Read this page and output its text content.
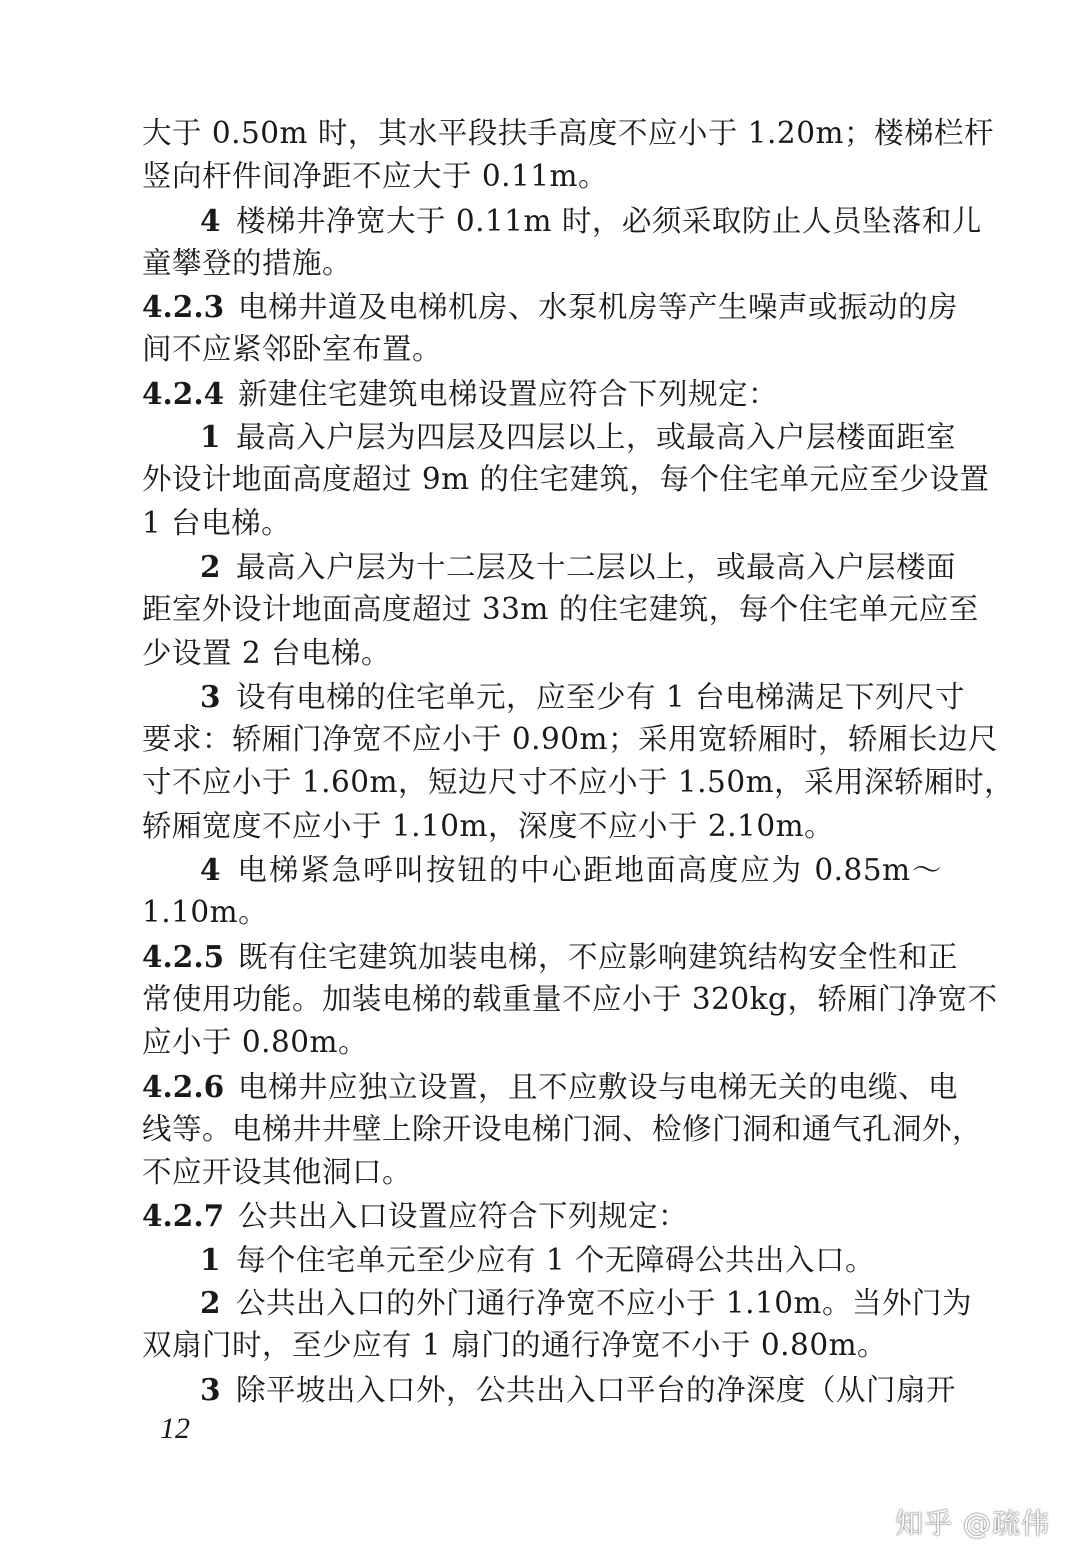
大于 0.50m 时，其水平段扶手高度不应小于 1.20m；楼梯栏杆
竖向杆件间净距不应大于 0.11m。
4 楼梯井净宽大于 0.11m 时，必须采取防止人员坠落和儿
童攀登的措施。
4.2.3 电梯井道及电梯机房、水泵机房等产生噪声或振动的房
间不应紧邻卧室布置。
4.2.4 新建住宅建筑电梯设置应符合下列规定：
1 最高入户层为四层及四层以上，或最高入户层楼面距室
外设计地面高度超过 9m 的住宅建筑，每个住宅单元应至少设置
1 台电梯。
2 最高入户层为十二层及十二层以上，或最高入户层楼面
距室外设计地面高度超过 33m 的住宅建筑，每个住宅单元应至
少设置 2 台电梯。
3 设有电梯的住宅单元，应至少有 1 台电梯满足下列尺寸
要求：轿厢门净宽不应小于 0.90m；采用宽轿厢时，轿厢长边尺
寸不应小于 1.60m，短边尺寸不应小于 1.50m，采用深轿厢时，
轿厢宽度不应小于 1.10m，深度不应小于 2.10m。
4 电梯紧急呼叫按钮的中心距地面高度应为 0.85m～
1.10m。
4.2.5 既有住宅建筑加装电梯，不应影响建筑结构安全性和正
常使用功能。加装电梯的载重量不应小于 320kg，轿厢门净宽不
应小于 0.80m。
4.2.6 电梯井应独立设置，且不应敷设与电梯无关的电缆、电
线等。电梯井井壁上除开设电梯门洞、检修门洞和通气孔洞外，
不应开设其他洞口。
4.2.7 公共出入口设置应符合下列规定：
1 每个住宅单元至少应有 1 个无障碍公共出入口。
2 公共出入口的外门通行净宽不应小于 1.10m。当外门为
双扇门时，至少应有 1 扇门的通行净宽不小于 0.80m。
3 除平坡出入口外，公共出入口平台的净深度（从门扇开
12
知乎 @疏伟
